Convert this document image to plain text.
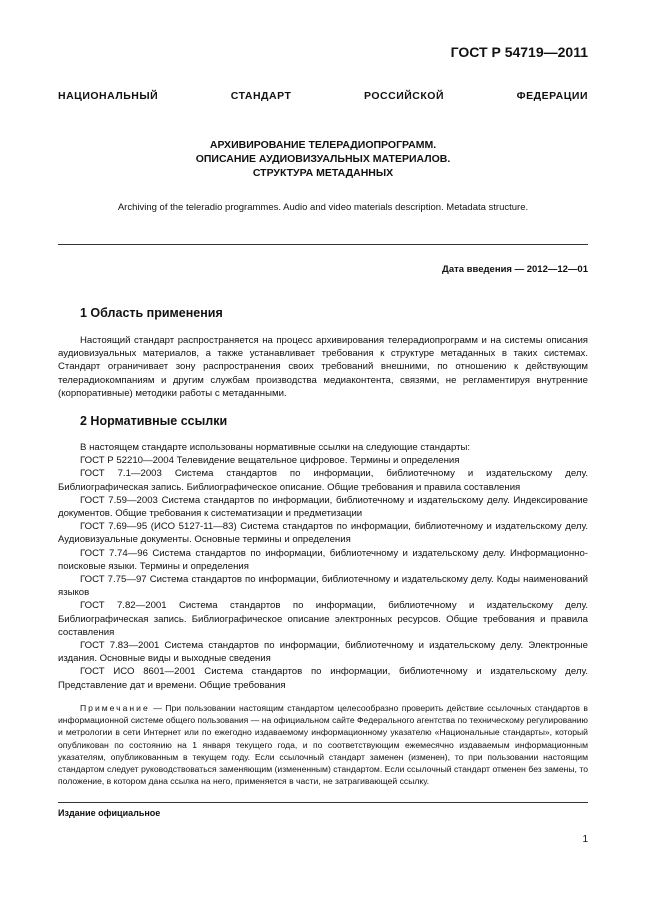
ГОСТ Р 54719—2011
НАЦИОНАЛЬНЫЙ СТАНДАРТ РОССИЙСКОЙ ФЕДЕРАЦИИ
АРХИВИРОВАНИЕ ТЕЛЕРАДИОПРОГРАММ.
ОПИСАНИЕ АУДИОВИЗУАЛЬНЫХ МАТЕРИАЛОВ.
СТРУКТУРА МЕТАДАННЫХ
Archiving of the teleradio programmes. Audio and video materials description. Metadata structure.
Дата введения — 2012—12—01
1 Область применения

Настоящий стандарт распространяется на процесс архивирования телерадиопрограмм и на системы описания аудиовизуальных материалов, а также устанавливает требования к структуре метаданных в таких системах. Стандарт ограничивает зону распространения своих требований внешними, по отношению к действующим телерадиокомпаниям и другим службам производства медиаконтента, связями, не регламентируя внутренние (корпоративные) методики работы с метаданными.

2 Нормативные ссылки

В настоящем стандарте использованы нормативные ссылки на следующие стандарты:

ГОСТ Р 52210—2004 Телевидение вещательное цифровое. Термины и определения

ГОСТ 7.1—2003 Система стандартов по информации, библиотечному и издательскому делу. Библиографическая запись. Библиографическое описание. Общие требования и правила составления

ГОСТ 7.59—2003 Система стандартов по информации, библиотечному и издательскому делу. Индексирование документов. Общие требования к систематизации и предметизации

ГОСТ 7.69—95 (ИСО 5127-11—83) Система стандартов по информации, библиотечному и издательскому делу. Аудиовизуальные документы. Основные термины и определения

ГОСТ 7.74—96 Система стандартов по информации, библиотечному и издательскому делу. Информационно-поисковые языки. Термины и определения

ГОСТ 7.75—97 Система стандартов по информации, библиотечному и издательскому делу. Коды наименований языков

ГОСТ 7.82—2001 Система стандартов по информации, библиотечному и издательскому делу. Библиографическая запись. Библиографическое описание электронных ресурсов. Общие требования и правила составления

ГОСТ 7.83—2001 Система стандартов по информации, библиотечному и издательскому делу. Электронные издания. Основные виды и выходные сведения

ГОСТ ИСО 8601—2001 Система стандартов по информации, библиотечному и издательскому делу. Представление дат и времени. Общие требования

Примечание — При пользовании настоящим стандартом целесообразно проверить действие ссылочных стандартов в информационной системе общего пользования — на официальном сайте Федерального агентства по техническому регулированию и метрологии в сети Интернет или по ежегодно издаваемому информационному указателю «Национальные стандарты», который опубликован по состоянию на 1 января текущего года, и по соответствующим ежемесячно издаваемым информационным указателям, опубликованным в текущем году. Если ссылочный стандарт заменен (изменен), то при пользовании настоящим стандартом следует руководствоваться заменяющим (измененным) стандартом. Если ссылочный стандарт отменен без замены, то положение, в котором дана ссылка на него, применяется в части, не затрагивающей ссылку.

Издание официальное
1
